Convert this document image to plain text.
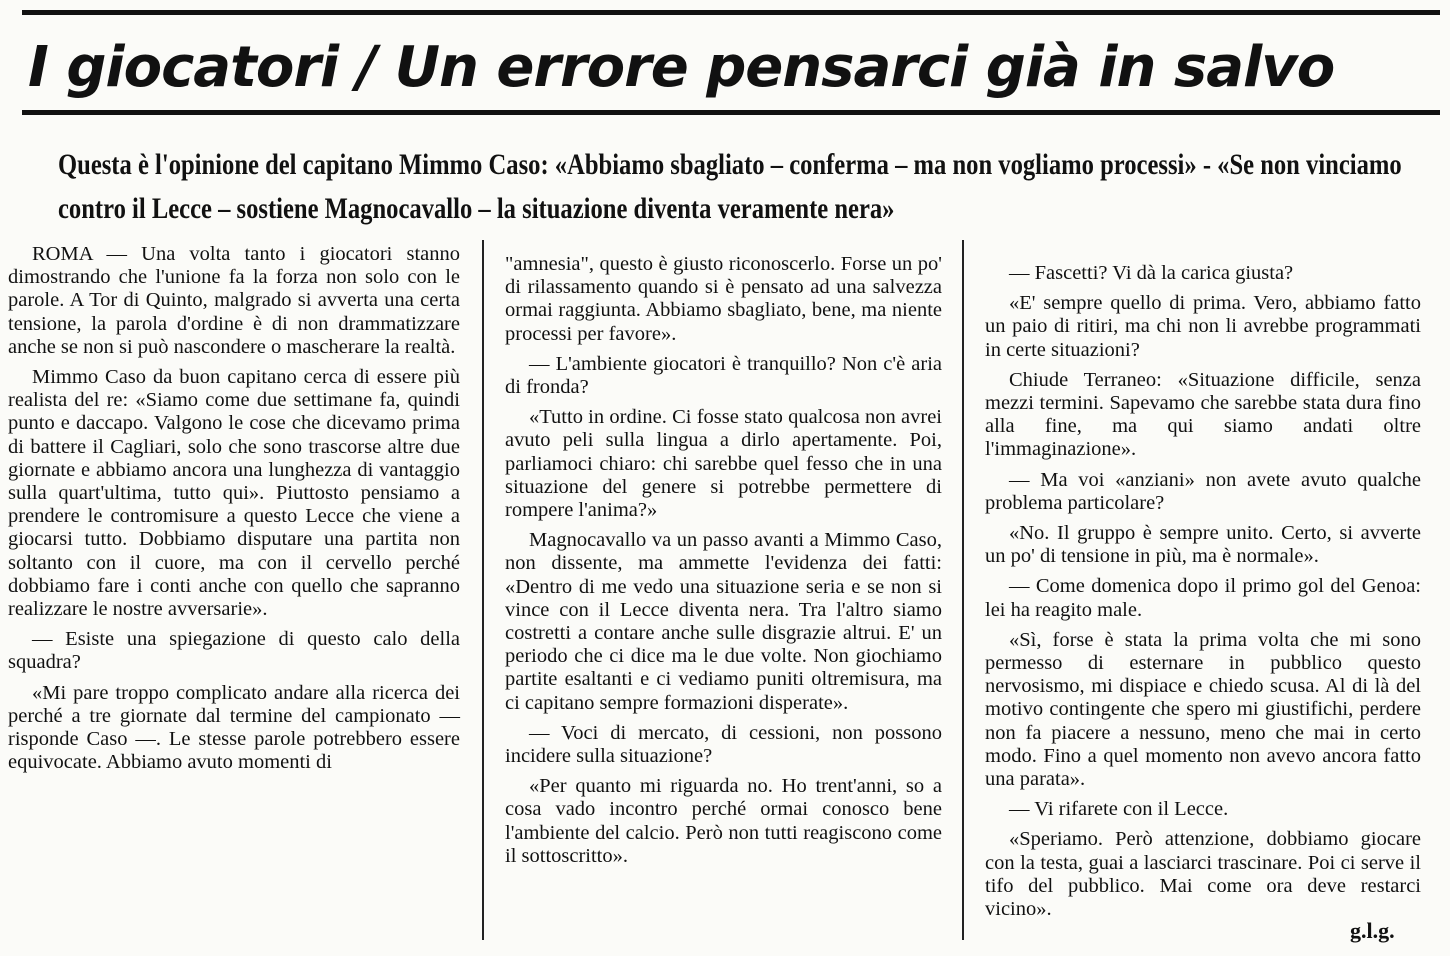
I giocatori / Un errore pensarci già in salvo
Questa è l'opinione del capitano Mimmo Caso: «Abbiamo sbagliato – conferma – ma non vogliamo processi» - «Se non vinciamo contro il Lecce – sostiene Magnocavallo – la situazione diventa veramente nera»

ROMA — Una volta tanto i giocatori stanno dimostrando che l'unione fa la forza non solo con le parole. A Tor di Quinto, malgrado si avverta una certa tensione, la parola d'ordine è di non drammatizzare anche se non si può nascondere o mascherare la realtà.

Mimmo Caso da buon capitano cerca di essere più realista del re: «Siamo come due settimane fa, quindi punto e daccapo. Valgono le cose che dicevamo prima di battere il Cagliari, solo che sono trascorse altre due giornate e abbiamo ancora una lunghezza di vantaggio sulla quart'ultima, tutto qui». Piuttosto pensiamo a prendere le contromisure a questo Lecce che viene a giocarsi tutto. Dobbiamo disputare una partita non soltanto con il cuore, ma con il cervello perché dobbiamo fare i conti anche con quello che sapranno realizzare le nostre avversarie».

— Esiste una spiegazione di questo calo della squadra?

«Mi pare troppo complicato andare alla ricerca dei perché a tre giornate dal termine del campionato — risponde Caso —. Le stesse parole potrebbero essere equivocate. Abbiamo avuto momenti di

"amnesia", questo è giusto riconoscerlo. Forse un po' di rilassamento quando si è pensato ad una salvezza ormai raggiunta. Abbiamo sbagliato, bene, ma niente processi per favore».

— L'ambiente giocatori è tranquillo? Non c'è aria di fronda?

«Tutto in ordine. Ci fosse stato qualcosa non avrei avuto peli sulla lingua a dirlo apertamente. Poi, parliamoci chiaro: chi sarebbe quel fesso che in una situazione del genere si potrebbe permettere di rompere l'anima?»

Magnocavallo va un passo avanti a Mimmo Caso, non dissente, ma ammette l'evidenza dei fatti: «Dentro di me vedo una situazione seria e se non si vince con il Lecce diventa nera. Tra l'altro siamo costretti a contare anche sulle disgrazie altrui. E' un periodo che ci dice ma le due volte. Non giochiamo partite esaltanti e ci vediamo puniti oltremisura, ma ci capitano sempre formazioni disperate».

— Voci di mercato, di cessioni, non possono incidere sulla situazione?

«Per quanto mi riguarda no. Ho trent'anni, so a cosa vado incontro perché ormai conosco bene l'ambiente del calcio. Però non tutti reagiscono come il sottoscritto».

— Fascetti? Vi dà la carica giusta?

«E' sempre quello di prima. Vero, abbiamo fatto un paio di ritiri, ma chi non li avrebbe programmati in certe situazioni?

Chiude Terraneo: «Situazione difficile, senza mezzi termini. Sapevamo che sarebbe stata dura fino alla fine, ma qui siamo andati oltre l'immaginazione».

— Ma voi «anziani» non avete avuto qualche problema particolare?

«No. Il gruppo è sempre unito. Certo, si avverte un po' di tensione in più, ma è normale».

— Come domenica dopo il primo gol del Genoa: lei ha reagito male.

«Sì, forse è stata la prima volta che mi sono permesso di esternare in pubblico questo nervosismo, mi dispiace e chiedo scusa. Al di là del motivo contingente che spero mi giustifichi, perdere non fa piacere a nessuno, meno che mai in certo modo. Fino a quel momento non avevo ancora fatto una parata».

— Vi rifarete con il Lecce.

«Speriamo. Però attenzione, dobbiamo giocare con la testa, guai a lasciarci trascinare. Poi ci serve il tifo del pubblico. Mai come ora deve restarci vicino».

g.l.g.
